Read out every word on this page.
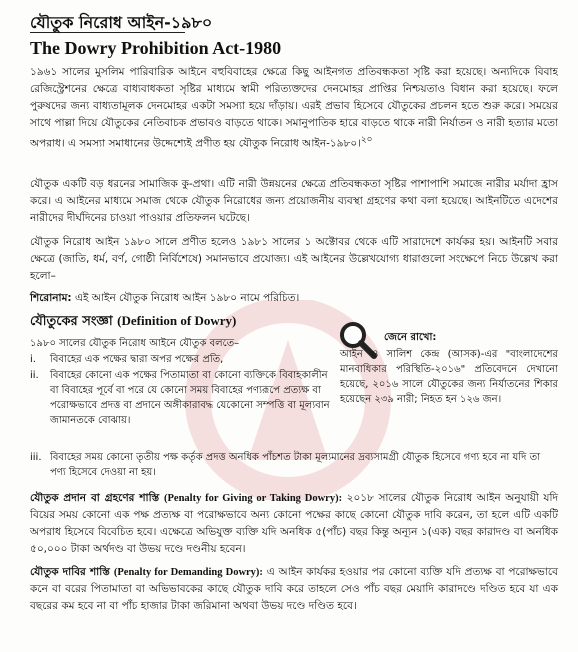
যৌতুক নিরোধ আইন-১৯৮০
The Dowry Prohibition Act-1980
১৯৬১ সালের মুসলিম পারিবারিক আইনে বহুবিবাহের ক্ষেত্রে কিছু আইনগত প্রতিবন্ধকতা সৃষ্টি করা হয়েছে। অন্যদিকে বিবাহ রেজিস্ট্রেশনের ক্ষেত্রে বাধ্যবাধকতা সৃষ্টির মাধ্যমে স্বামী পরিত্যক্তদের দেনমোহর প্রাপ্তির নিশ্চয়তাও বিধান করা হয়েছে। ফলে পুরুষদের জন্য বাধ্যতামূলক দেনমোহর একটা সমস্যা হয়ে দাঁড়ায়। এরই প্রভাব হিসেবে যৌতুকের প্রচলন হতে শুরু করে। সময়ের সাথে পাল্লা দিয়ে যৌতুকের নেতিবাচক প্রভাবও বাড়তে থাকে। সমানুপাতিক হারে বাড়তে থাকে নারী নির্যাতন ও নারী হত্যার মতো অপরাধ। এ সমস্যা সমাধানের উদ্দেশ্যেই প্রণীত হয় যৌতুক নিরোধ আইন-১৯৮০।$^{২০}$
যৌতুক একটি বড় ধরনের সামাজিক কু-প্রথা। এটি নারী উন্নয়নের ক্ষেত্রে প্রতিবন্ধকতা সৃষ্টির পাশাপাশি সমাজে নারীর মর্যাদা হ্রাস করে। এ আইনের মাধ্যমে সমাজ থেকে যৌতুক নিরোধের জন্য প্রয়োজনীয় ব্যবস্থা গ্রহণের কথা বলা হয়েছে। আইনটিতে এদেশের নারীদের দীর্ঘদিনের চাওয়া পাওয়ার প্রতিফলন ঘটেছে।
যৌতুক নিরোধ আইন ১৯৮০ সালে প্রণীত হলেও ১৯৮১ সালের ১ অক্টোবর থেকে এটি সারাদেশে কার্যকর হয়। আইনটি সবার ক্ষেত্রে (জাতি, ধর্ম, বর্ণ, গোষ্ঠী নির্বিশেষে) সমানভাবে প্রযোজ্য। এই আইনের উল্লেখযোগ্য ধারাগুলো সংক্ষেপে নিচে উল্লেখ করা হলো–
শিরোনাম: এই আইন যৌতুক নিরোধ আইন ১৯৮০ নামে পরিচিত।
যৌতুকের সংজ্ঞা (Definition of Dowry)
১৯৮০ সালের যৌতুক নিরোধ আইনে যৌতুক বলতে–
i.	বিবাহের এক পক্ষের দ্বারা অপর পক্ষের প্রতি,
ii.	বিবাহের কোনো এক পক্ষের পিতামাতা বা কোনো ব্যক্তিকে বিবাহকালীন বা বিবাহের পূর্বে বা পরে যে কোনো সময় বিবাহের পণ্যরূপে প্রত্যক্ষ বা পরোক্ষভাবে প্রদত্ত বা প্রদানে অঙ্গীকারাবদ্ধ যেকোনো সম্পত্তি বা মূল্যবান জামানতকে বোঝায়।
iii. বিবাহের সময় কোনো তৃতীয় পক্ষ কর্তৃক প্রদত্ত অনধিক পাঁচশত টাকা মূল্যমানের দ্রব্যসামগ্রী যৌতুক হিসেবে গণ্য হবে না যদি তা পণ্য হিসেবে দেওয়া না হয়।
জেনে রাখো:
আইন ও সালিশ কেন্দ্র (আসক)-এর "বাংলাদেশের মানবাধিকার পরিস্থিতি-২০১৬" প্রতিবেদনে দেখানো হয়েছে, ২০১৬ সালে যৌতুকের জন্য নির্যাতনের শিকার হয়েছেন ২৩৯ নারী; নিহত হন ১২৬ জন।
যৌতুক প্রদান বা গ্রহণের শাস্তি (Penalty for Giving or Taking Dowry): ২০১৮ সালের যৌতুক নিরোধ আইন অনুযায়ী যদি বিয়ের সময় কোনো এক পক্ষ প্রত্যক্ষ বা পরোক্ষভাবে অন্য কোনো পক্ষের কাছে কোনো যৌতুক দাবি করেন, তা হলে এটি একটি অপরাধ হিসেবে বিবেচিত হবে। এক্ষেত্রে অভিযুক্ত ব্যক্তি যদি অনধিক ৫(পাঁচ) বছর কিন্তু অন্যূন ১(এক) বছর কারাদণ্ড বা অনধিক ৫০,০০০ টাকা অর্থদণ্ড বা উভয় দণ্ডে দণ্ডনীয় হবেন।
যৌতুক দাবির শাস্তি (Penalty for Demanding Dowry): এ আইন কার্যকর হওয়ার পর কোনো ব্যক্তি যদি প্রত্যক্ষ বা পরোক্ষভাবে কনে বা বরের পিতামাতা বা অভিভাবকের কাছে যৌতুক দাবি করে তাহলে সেও পাঁচ বছর মেয়াদি কারাদণ্ডে দণ্ডিত হবে যা এক বছরের কম হবে না বা পাঁচ হাজার টাকা জরিমানা অথবা উভয় দণ্ডে দণ্ডিত হবে।
